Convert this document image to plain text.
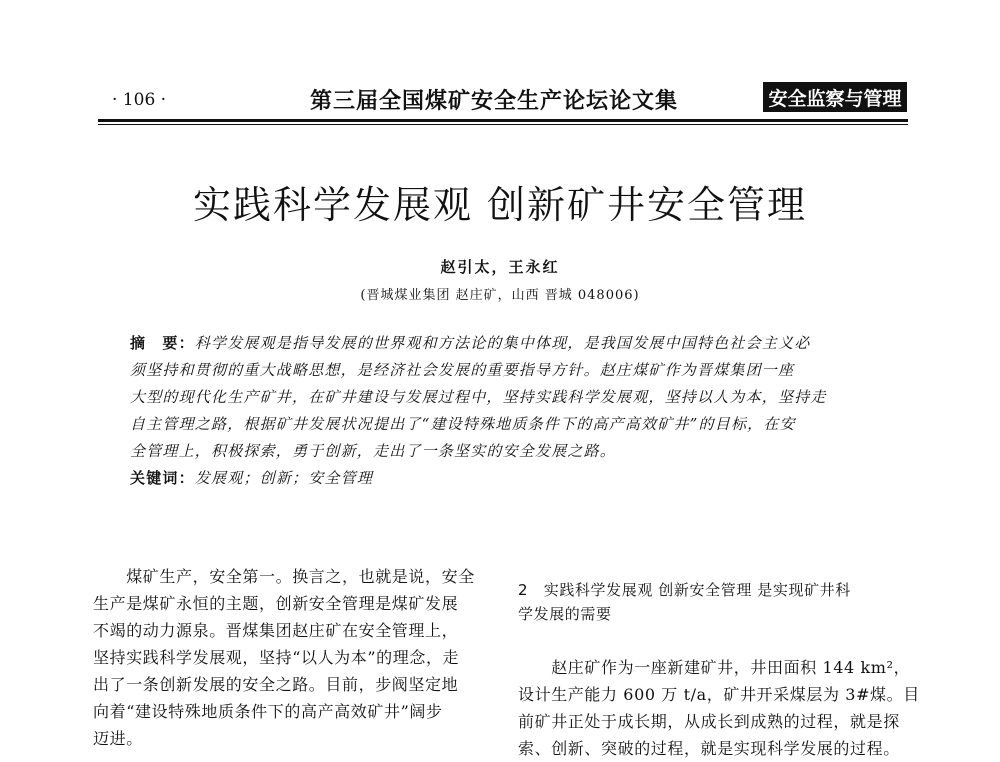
· 106 ·	第三届全国煤矿安全生产论坛论文集	安全监察与管理
实践科学发展观 创新矿井安全管理
赵引太，王永红
(晋城煤业集团 赵庄矿，山西 晋城 048006)
摘　要：科学发展观是指导发展的世界观和方法论的集中体现，是我国发展中国特色社会主义必
须坚持和贯彻的重大战略思想，是经济社会发展的重要指导方针。赵庄煤矿作为晋煤集团一座
大型的现代化生产矿井，在矿井建设与发展过程中，坚持实践科学发展观，坚持以人为本，坚持走
自主管理之路，根据矿井发展状况提出了“建设特殊地质条件下的高产高效矿井”的目标，在安
全管理上，积极探索，勇于创新，走出了一条坚实的安全发展之路。
关键词：发展观；创新；安全管理
　　煤矿生产，安全第一。换言之，也就是说，安全
生产是煤矿永恒的主题，创新安全管理是煤矿发展
不竭的动力源泉。晋煤集团赵庄矿在安全管理上，
坚持实践科学发展观，坚持“以人为本”的理念，走
出了一条创新发展的安全之路。目前，步阀坚定地
向着“建设特殊地质条件下的高产高效矿井”阔步
迈进。
2　实践科学发展观 创新安全管理 是实现矿井科
学发展的需要
　　赵庄矿作为一座新建矿井，井田面积 144 km²，
设计生产能力 600 万 t/a，矿井开采煤层为 3#煤。目
前矿井正处于成长期，从成长到成熟的过程，就是探
索、创新、突破的过程，就是实现科学发展的过程。
